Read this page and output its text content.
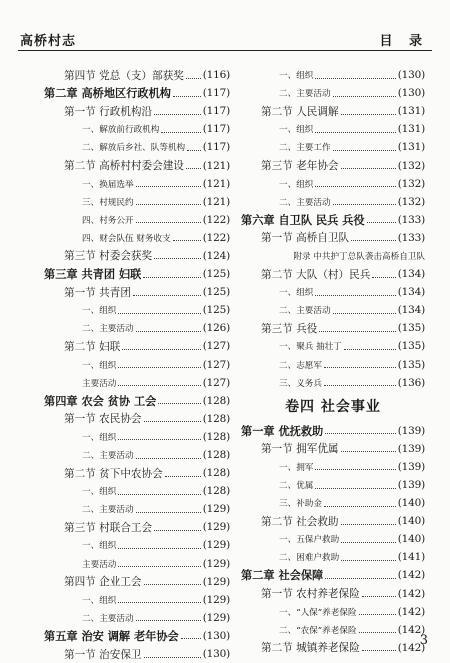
高桥村志	目 录
第四节 党总（支）部获奖 (116)
第二章 高桥地区行政机构	(117)
第一节 行政机构沿	(117)
一、解放前行政机构	(117)
二、解放后乡社、队等机构 (117)
第二节 高桥村村委会建设 (121)
一、换届选举	(121)
三、村规民约	(121)
四、村务公开	(122)
四、财会队伍 财务收支	(122)
第三节 村委会获奖	(124)
第三章 共青团 妇联	(125)
第一节 共青团	(125)
一、组织	(125)
二、主要活动	(126)
第二节 妇联	(127)
一、组织	(127)
主要活动	(127)
第四章 农会 贫协 工会	(128)
第一节 农民协会	(128)
一、组织	(128)
二、主要活动	(128)
第二节 贫下中农协会	(128)
一、组织	(128)
二、主要活动	(129)
第三节 村联合工会	(129)
一、组织	(129)
主要活动	(129)
第四节 企业工会	(129)
一、组织	(129)
二、主要活动	(129)
第五章 治安 调解 老年协会 (130)
第一节 治安保卫	(130)
一、组织	(130)
二、主要活动	(130)
第二节 人民调解	(131)
一、组织	(131)
二、主要工作	(131)
第三节 老年协会	(132)
一、组织	(132)
二、主要活动	(132)
第六章 自卫队 民兵 兵役	(133)
第一节 高桥自卫队	(133)
附录 中共护丁总队袭击高桥自卫队
第二节 大队（村）民兵	(134)
一、组织	(134)
二、主要活动	(134)
第三节 兵役	(135)
一、聚兵 抽壮丁	(135)
二、志愿军	(135)
三、义务兵	(136)
卷四 社会事业
第一章 优抚救助	(139)
第一节 拥军优属	(139)
一、拥军	(139)
二、优属	(139)
三、补助金	(140)
第二节 社会救助	(140)
一、五保户救助	(140)
二、困难户救助	(141)
第二章 社会保障	(142)
第一节 农村养老保险	(142)
一、“人保”养老保险	(142)
二、“农保”养老保险	(142)
第二节 城镇养老保险	(142)
3
